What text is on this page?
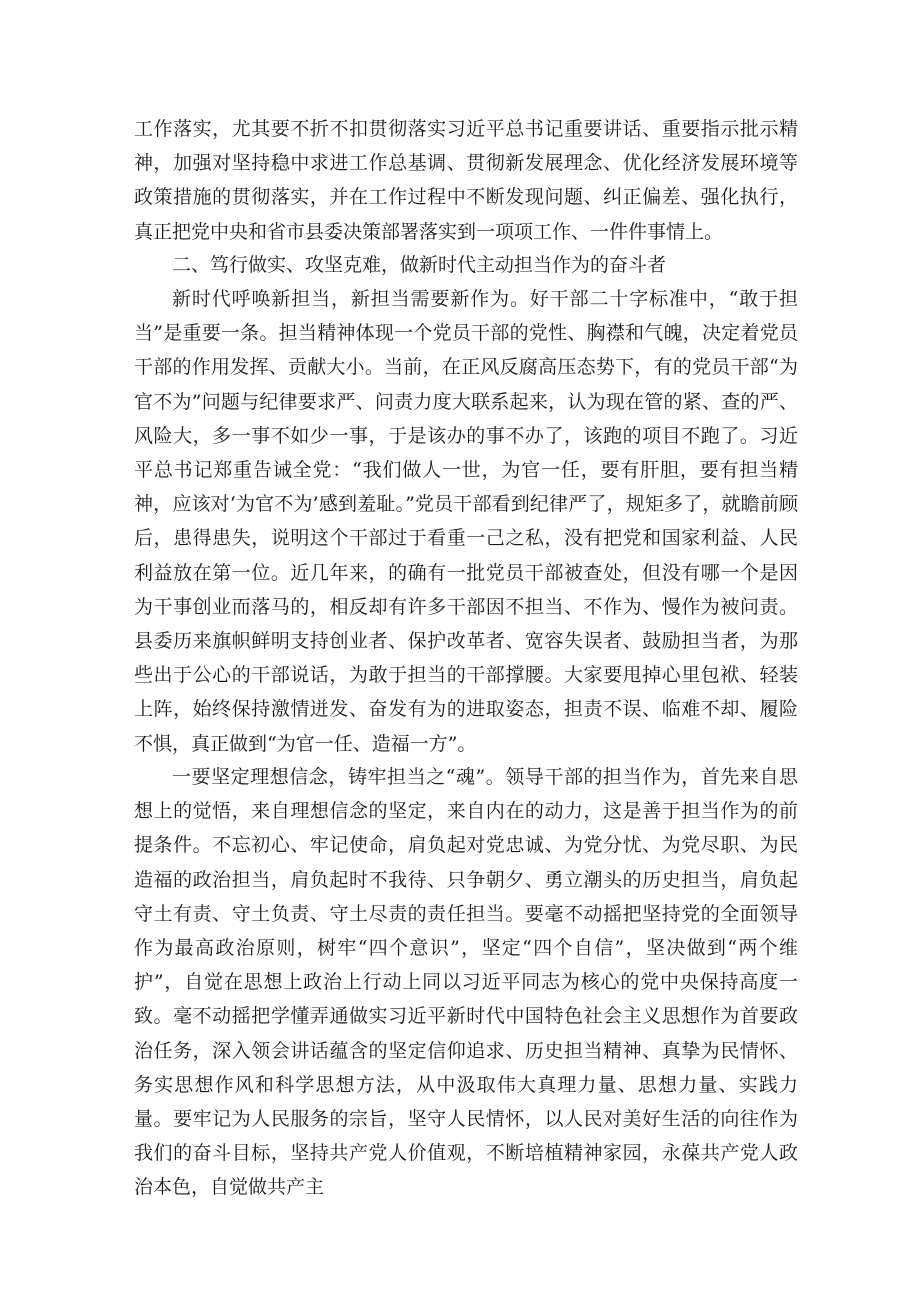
工作落实，尤其要不折不扣贯彻落实习近平总书记重要讲话、重要指示批示精神，加强对坚持稳中求进工作总基调、贯彻新发展理念、优化经济发展环境等政策措施的贯彻落实，并在工作过程中不断发现问题、纠正偏差、强化执行，真正把党中央和省市县委决策部署落实到一项项工作、一件件事情上。

二、笃行做实、攻坚克难，做新时代主动担当作为的奋斗者

新时代呼唤新担当，新担当需要新作为。好干部二十字标准中，“敢于担当”是重要一条。担当精神体现一个党员干部的党性、胸襟和气魄，决定着党员干部的作用发挥、贡献大小。当前，在正风反腐高压态势下，有的党员干部“为官不为”问题与纪律要求严、问责力度大联系起来，认为现在管的紧、查的严、风险大，多一事不如少一事，于是该办的事不办了，该跑的项目不跑了。习近平总书记郑重告诫全党：“我们做人一世，为官一任，要有肝胆，要有担当精神，应该对‘为官不为’感到羞耻。”党员干部看到纪律严了，规矩多了，就瞻前顾后，患得患失，说明这个干部过于看重一己之私，没有把党和国家利益、人民利益放在第一位。近几年来，的确有一批党员干部被查处，但没有哪一个是因为干事创业而落马的，相反却有许多干部因不担当、不作为、慢作为被问责。县委历来旗帜鲜明支持创业者、保护改革者、宽容失误者、鼓励担当者，为那些出于公心的干部说话，为敢于担当的干部撑腰。大家要甩掉心里包袱、轻装上阵，始终保持激情迸发、奋发有为的进取姿态，担责不误、临难不却、履险不惧，真正做到“为官一任、造福一方”。

一要坚定理想信念，铸牢担当之“魂”。领导干部的担当作为，首先来自思想上的觉悟，来自理想信念的坚定，来自内在的动力，这是善于担当作为的前提条件。不忘初心、牢记使命，肩负起对党忠诚、为党分忧、为党尽职、为民造福的政治担当，肩负起时不我待、只争朝夕、勇立潮头的历史担当，肩负起守土有责、守土负责、守土尽责的责任担当。要毫不动摇把坚持党的全面领导作为最高政治原则，树牢“四个意识”，坚定“四个自信”，坚决做到“两个维护”，自觉在思想上政治上行动上同以习近平同志为核心的党中央保持高度一致。毫不动摇把学懂弄通做实习近平新时代中国特色社会主义思想作为首要政治任务，深入领会讲话蕴含的坚定信仰追求、历史担当精神、真挚为民情怀、务实思想作风和科学思想方法，从中汲取伟大真理力量、思想力量、实践力量。要牢记为人民服务的宗旨，坚守人民情怀，以人民对美好生活的向往作为我们的奋斗目标，坚持共产党人价值观，不断培植精神家园，永葆共产党人政治本色，自觉做共产主
